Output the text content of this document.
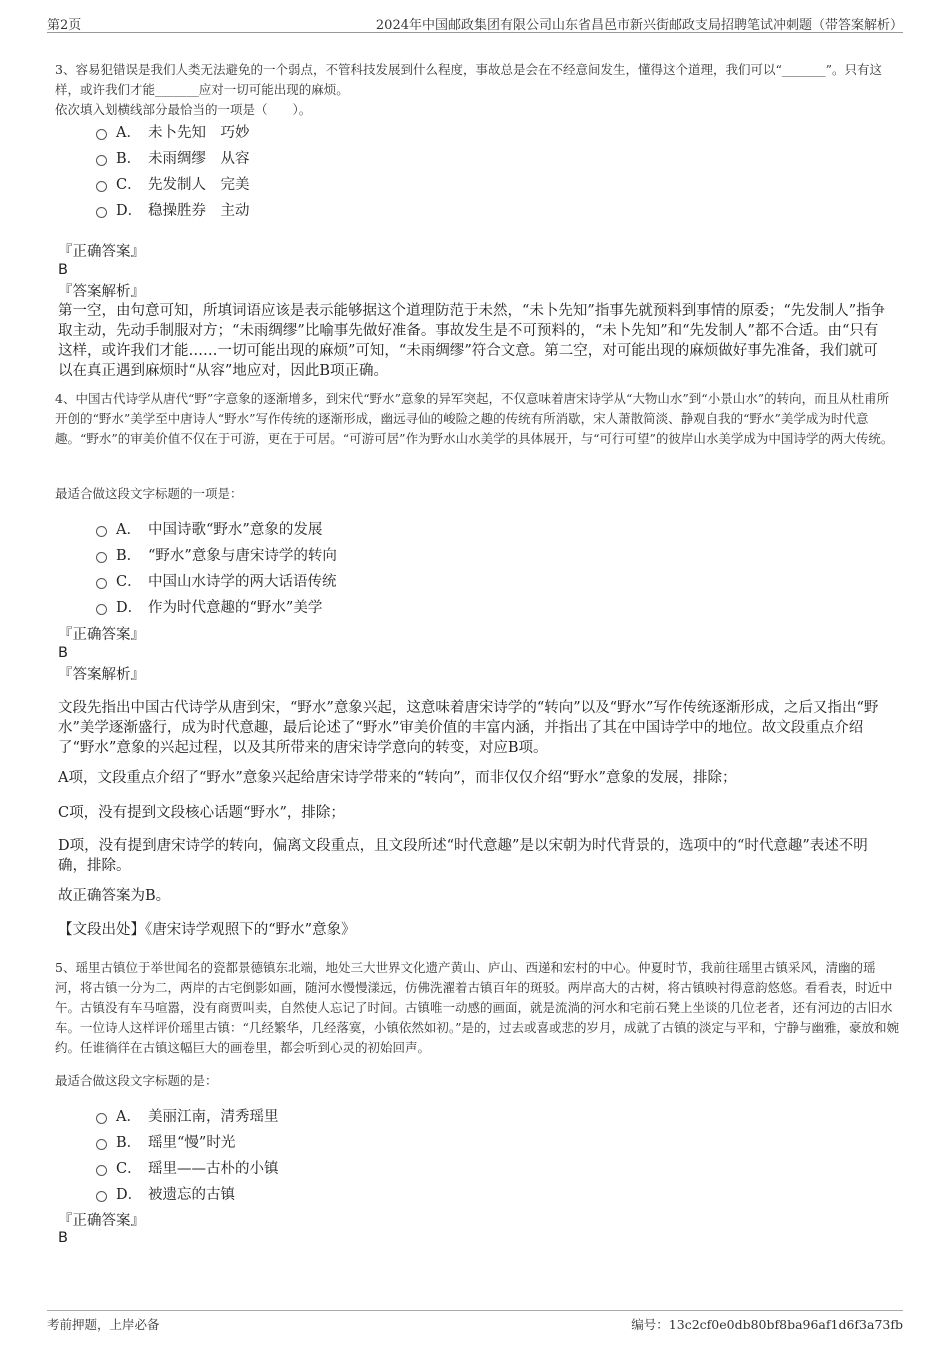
第2页	2024年中国邮政集团有限公司山东省昌邑市新兴街邮政支局招聘笔试冲刺题（带答案解析）
3、容易犯错误是我们人类无法避免的一个弱点，不管科技发展到什么程度，事故总是会在不经意间发生，懂得这个道理，我们可以“_______”。只有这样，或许我们才能_______应对一切可能出现的麻烦。
依次填入划横线部分最恰当的一项是（　　）。
A． 未卜先知　巧妙
B． 未雨绸缪　从容
C． 先发制人　完美
D． 稳操胜券　主动
『正确答案』
B
『答案解析』
第一空，由句意可知，所填词语应该是表示能够据这个道理防范于未然，“未卜先知”指事先就预料到事情的原委；“先发制人”指争取主动，先动手制服对方；“未雨绸缪”比喻事先做好准备。事故发生是不可预料的，“未卜先知”和“先发制人”都不合适。由“只有这样，或许我们才能……一切可能出现的麻烦”可知，“未雨绸缪”符合文意。第二空，对可能出现的麻烦做好事先准备，我们就可以在真正遇到麻烦时“从容”地应对，因此B项正确。
4、中国古代诗学从唐代“野”字意象的逐渐增多，到宋代“野水”意象的异军突起，不仅意味着唐宋诗学从“大物山水”到“小景山水”的转向，而且从杜甫所开创的“野水”美学至中唐诗人“野水”写作传统的逐渐形成，幽远寻仙的峻险之趣的传统有所消歇，宋人萧散简淡、静观自我的“野水”美学成为时代意趣。“野水”的审美价值不仅在于可游，更在于可居。“可游可居”作为野水山水美学的具体展开，与“可行可望”的彼岸山水美学成为中国诗学的两大传统。
最适合做这段文字标题的一项是：
A． 中国诗歌“野水”意象的发展
B． “野水”意象与唐宋诗学的转向
C． 中国山水诗学的两大话语传统
D． 作为时代意趣的“野水”美学
『正确答案』
B
『答案解析』
文段先指出中国古代诗学从唐到宋，“野水”意象兴起，这意味着唐宋诗学的“转向”以及“野水”写作传统逐渐形成，之后又指出“野水”美学逐渐盛行，成为时代意趣，最后论述了“野水”审美价值的丰富内涵，并指出了其在中国诗学中的地位。故文段重点介绍了“野水”意象的兴起过程，以及其所带来的唐宋诗学意向的转变，对应B项。
A项，文段重点介绍了“野水”意象兴起给唐宋诗学带来的“转向”，而非仅仅介绍“野水”意象的发展，排除；
C项，没有提到文段核心话题“野水”，排除；
D项，没有提到唐宋诗学的转向，偏离文段重点，且文段所述“时代意趣”是以宋朝为时代背景的，选项中的“时代意趣”表述不明确，排除。
故正确答案为B。
【文段出处】《唐宋诗学观照下的“野水”意象》
5、瑶里古镇位于举世闻名的瓷都景德镇东北端，地处三大世界文化遗产黄山、庐山、西递和宏村的中心。仲夏时节，我前往瑶里古镇采风，清幽的瑶河，将古镇一分为二，两岸的古宅倒影如画，随河水慢慢漾远，仿佛洗濯着古镇百年的斑驳。两岸高大的古树，将古镇映衬得意韵悠悠。看看表，时近中午。古镇没有车马喧嚣，没有商贾叫卖，自然使人忘记了时间。古镇唯一动感的画面，就是流淌的河水和宅前石凳上坐谈的几位老者，还有河边的古旧水车。一位诗人这样评价瑶里古镇：“几经繁华，几经落寞，小镇依然如初。”是的，过去或喜或悲的岁月，成就了古镇的淡定与平和，宁静与幽雅，豪放和婉约。任谁徜徉在古镇这幅巨大的画卷里，都会听到心灵的初始回声。
最适合做这段文字标题的是：
A． 美丽江南，清秀瑶里
B． 瑶里“慢”时光
C． 瑶里——古朴的小镇
D． 被遗忘的古镇
『正确答案』
B
考前押题，上岸必备	编号：13c2cf0e0db80bf8ba96af1d6f3a73fb
